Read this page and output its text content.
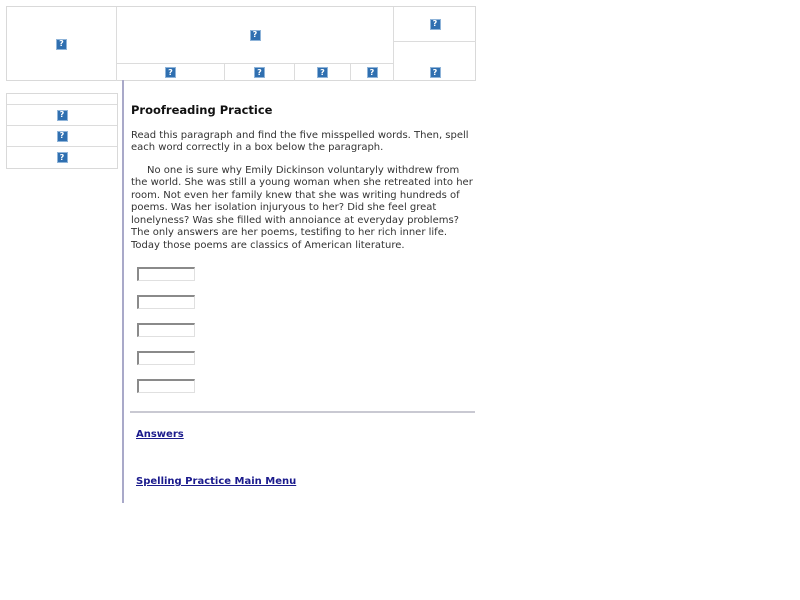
?
?
?
?	?	?	?	?
?
?
?
Proofreading Practice

Read this paragraph and find the five misspelled words. Then, spell each word correctly in a box below the paragraph.

No one is sure why Emily Dickinson voluntaryly withdrew from the world. She was still a young woman when she retreated into her room. Not even her family knew that she was writing hundreds of poems. Was her isolation injuryous to her? Did she feel great lonelyness? Was she filled with annoiance at everyday problems? The only answers are her poems, testifing to her rich inner life. Today those poems are classics of American literature.

Answers
Spelling Practice Main Menu
